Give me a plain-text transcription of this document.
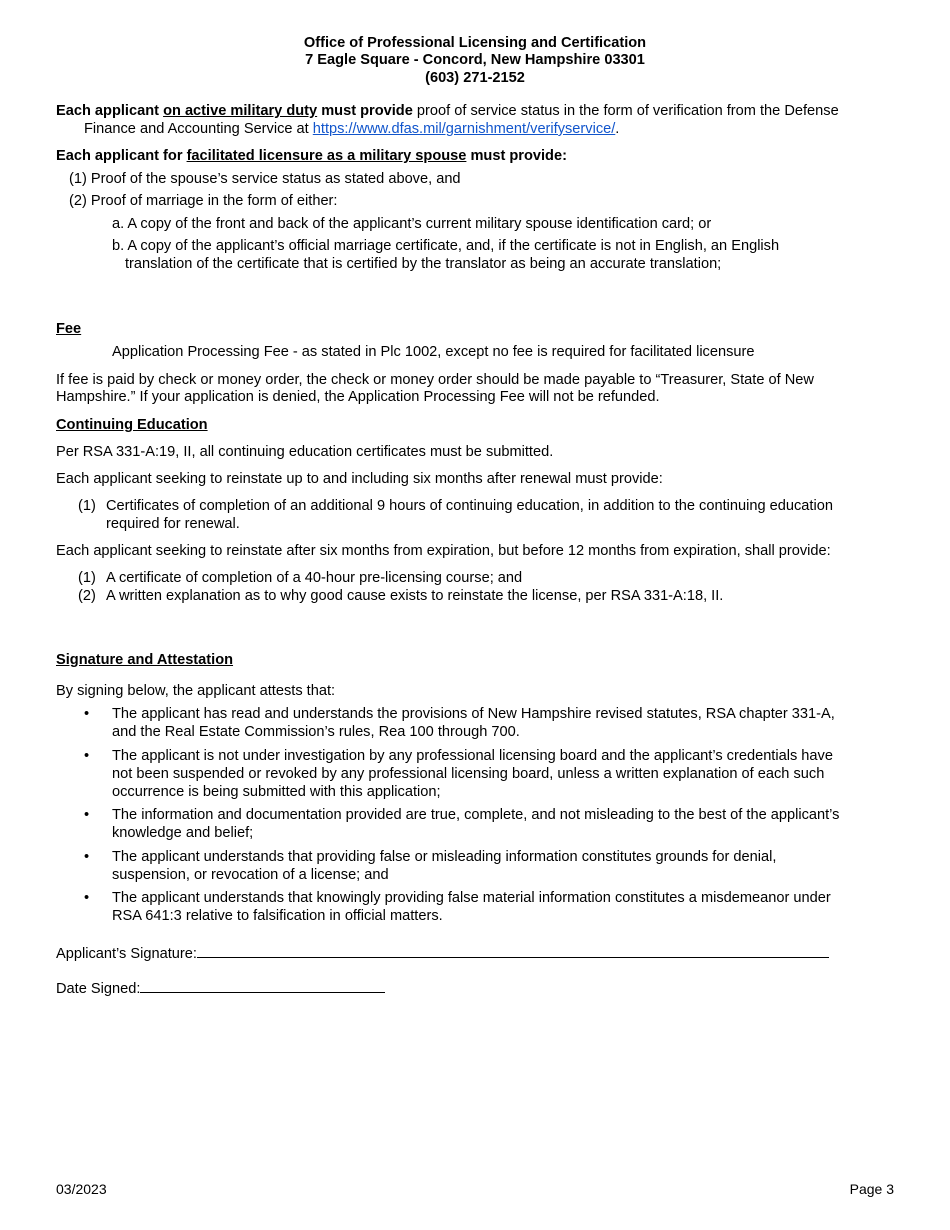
Office of Professional Licensing and Certification
7 Eagle Square - Concord, New Hampshire 03301
(603) 271-2152
Each applicant on active military duty must provide proof of service status in the form of verification from the Defense
Finance and Accounting Service at https://www.dfas.mil/garnishment/verifyservice/.
Each applicant for facilitated licensure as a military spouse must provide:
(1) Proof of the spouse’s service status as stated above, and
(2) Proof of marriage in the form of either:
a. A copy of the front and back of the applicant’s current military spouse identification card; or
b. A copy of the applicant’s official marriage certificate, and, if the certificate is not in English, an English
translation of the certificate that is certified by the translator as being an accurate translation;
Fee
Application Processing Fee - as stated in Plc 1002, except no fee is required for facilitated licensure
If fee is paid by check or money order, the check or money order should be made payable to “Treasurer, State of New
Hampshire.” If your application is denied, the Application Processing Fee will not be refunded.
Continuing Education
Per RSA 331-A:19, II, all continuing education certificates must be submitted.
Each applicant seeking to reinstate up to and including six months after renewal must provide:
(1) Certificates of completion of an additional 9 hours of continuing education, in addition to the continuing education
required for renewal.
Each applicant seeking to reinstate after six months from expiration, but before 12 months from expiration, shall provide:
(1) A certificate of completion of a 40-hour pre-licensing course; and
(2) A written explanation as to why good cause exists to reinstate the license, per RSA 331-A:18, II.
Signature and Attestation
By signing below, the applicant attests that:
• The applicant has read and understands the provisions of New Hampshire revised statutes, RSA chapter 331-A,
and the Real Estate Commission’s rules, Rea 100 through 700.
• The applicant is not under investigation by any professional licensing board and the applicant’s credentials have
not been suspended or revoked by any professional licensing board, unless a written explanation of each such
occurrence is being submitted with this application;
• The information and documentation provided are true, complete, and not misleading to the best of the applicant’s
knowledge and belief;
• The applicant understands that providing false or misleading information constitutes grounds for denial,
suspension, or revocation of a license; and
• The applicant understands that knowingly providing false material information constitutes a misdemeanor under
RSA 641:3 relative to falsification in official matters.
Applicant’s Signature:
Date Signed:
03/2023	Page 3
